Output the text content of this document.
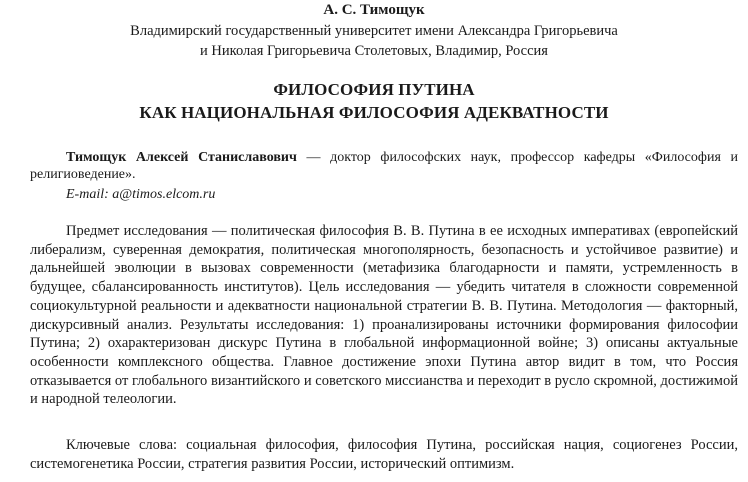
А. С. Тимощук
Владимирский государственный университет имени Александра Григорьевича
и Николая Григорьевича Столетовых, Владимир, Россия
ФИЛОСОФИЯ ПУТИНА
КАК НАЦИОНАЛЬНАЯ ФИЛОСОФИЯ АДЕКВАТНОСТИ
Тимощук Алексей Станиславович — доктор философских наук, профессор кафедры «Философия и религиоведение».
E-mail: a@timos.elcom.ru
Предмет исследования — политическая философия В. В. Путина в ее исходных императивах (европейский либерализм, суверенная демократия, политическая многополярность, безопасность и устойчивое развитие) и дальнейшей эволюции в вызовах современности (метафизика благодарности и памяти, устремленность в будущее, сбалансированность институтов). Цель исследования — убедить читателя в сложности современной социокультурной реальности и адекватности национальной стратегии В. В. Путина. Методология — факторный, дискурсивный анализ. Результаты исследования: 1) проанализированы источники формирования философии Путина; 2) охарактеризован дискурс Путина в глобальной информационной войне; 3) описаны актуальные особенности комплексного общества. Главное достижение эпохи Путина автор видит в том, что Россия отказывается от глобального византийского и советского миссианства и переходит в русло скромной, достижимой и народной телеологии.
Ключевые слова: социальная философия, философия Путина, российская нация, социогенез России, системогенетика России, стратегия развития России, исторический оптимизм.
